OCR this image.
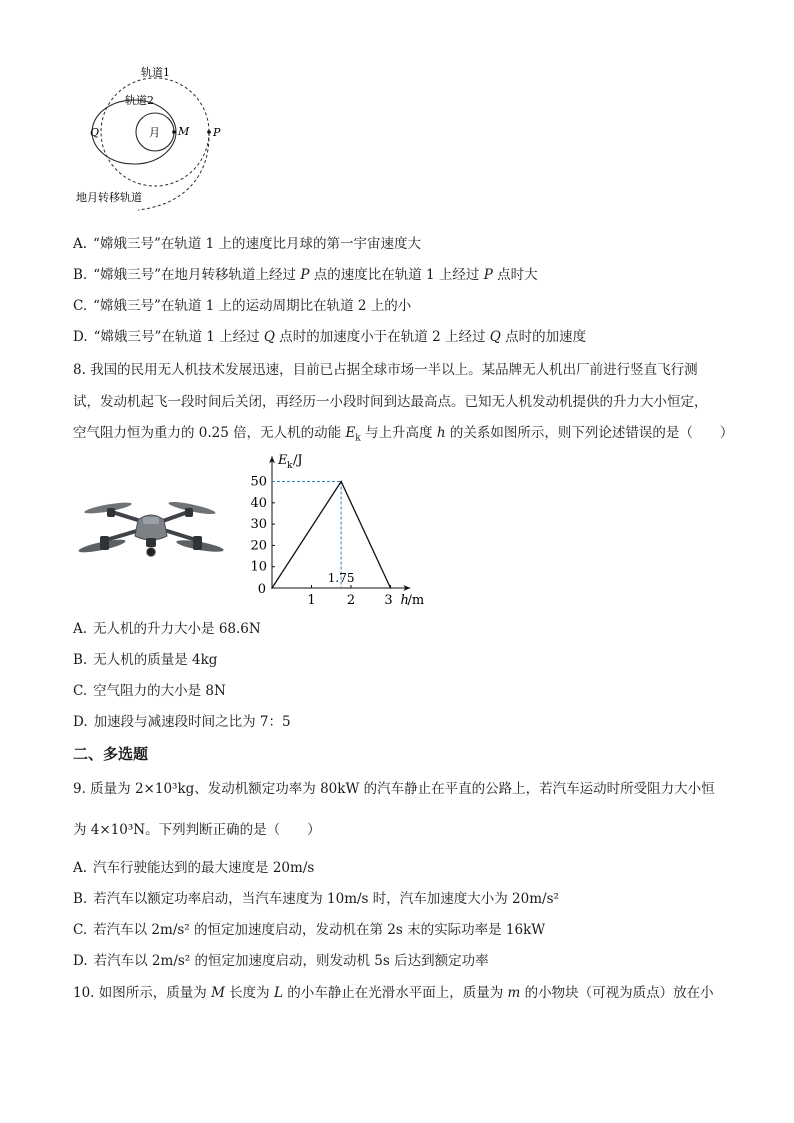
轨道1
轨道2
月
Q	M P
地月转移轨道
A. “嫦娥三号”在轨道 1 上的速度比月球的第一宇宙速度大
B. “嫦娥三号”在地月转移轨道上经过 P 点的速度比在轨道 1 上经过 P 点时大
C. “嫦娥三号”在轨道 1 上的运动周期比在轨道 2 上的小
D. “嫦娥三号”在轨道 1 上经过 Q 点时的加速度小于在轨道 2 上经过 Q 点时的加速度
8. 我国的民用无人机技术发展迅速，目前已占据全球市场一半以上。某品牌无人机出厂前进行竖直飞行测
试，发动机起飞一段时间后关闭，再经历一小段时间到达最高点。已知无人机发动机提供的升力大小恒定，
空气阻力恒为重力的 0.25 倍，无人机的动能 $E_k$ 与上升高度 h 的关系如图所示，则下列论述错误的是（　　）
10
20
30
40
50
1 2 3
0
1.75
E k /J
h
/m
A. 无人机的升力大小是 68.6N
B. 无人机的质量是 4kg
C. 空气阻力的大小是 8N
D. 加速段与减速段时间之比为 7：5
二、多选题
9. 质量为 2×10³kg、发动机额定功率为 80kW 的汽车静止在平直的公路上，若汽车运动时所受阻力大小恒
为 4×10³N。下列判断正确的是（　　）
A. 汽车行驶能达到的最大速度是 20m/s
B. 若汽车以额定功率启动，当汽车速度为 10m/s 时，汽车加速度大小为 20m/s²
C. 若汽车以 2m/s² 的恒定加速度启动，发动机在第 2s 末的实际功率是 16kW
D. 若汽车以 2m/s² 的恒定加速度启动，则发动机 5s 后达到额定功率
10. 如图所示，质量为 M 长度为 L 的小车静止在光滑水平面上，质量为 m 的小物块（可视为质点）放在小
